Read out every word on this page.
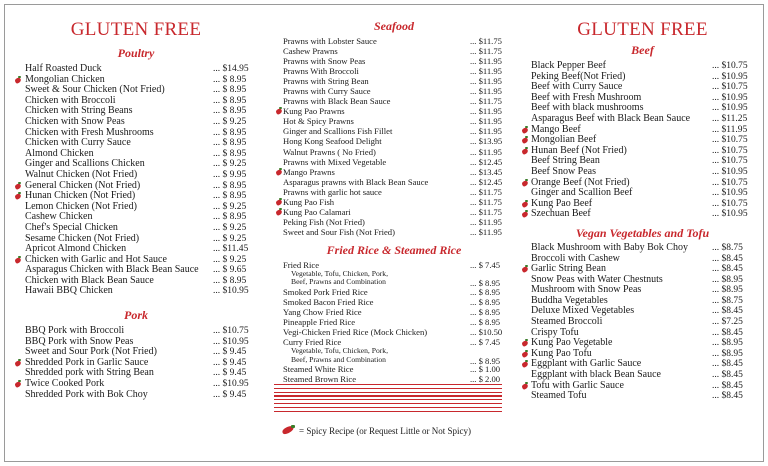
GLUTEN FREE
Poultry
Half Roasted Duck	... $14.95
Mongolian Chicken	... $ 8.95
Sweet & Sour Chicken (Not Fried)	... $ 8.95
Chicken with Broccoli	... $ 8.95
Chicken with String Beans	... $ 8.95
Chicken with Snow Peas	... $ 9.25
Chicken with Fresh Mushrooms	... $ 8.95
Chicken with Curry Sauce	... $ 8.95
Almond Chicken	... $ 8.95
Ginger and Scallions Chicken	... $ 9.25
Walnut Chicken (Not Fried)	... $ 9.95
General Chicken (Not Fried)	... $ 8.95
Hunan Chicken (Not Fried)	... $ 8.95
Lemon Chicken (Not Fried)	... $ 9.25
Cashew Chicken	... $ 8.95
Chef's Special Chicken	... $ 9.25
Sesame Chicken (Not Fried)	... $ 9.25
Apricot Almond Chicken	... $11.45
Chicken with Garlic and Hot Sauce	... $ 9.25
Asparagus Chicken with Black Bean Sauce ... $ 9.65
Chicken with Black Bean Sauce	... $ 8.95
Hawaii BBQ Chicken	... $10.95
Pork
BBQ Pork with Broccoli	... $10.75
BBQ Pork with Snow Peas	... $10.95
Sweet and Sour Pork (Not Fried)	... $ 9.45
Shredded Pork in Garlic Sauce	... $ 9.45
Shredded pork with String Bean	... $ 9.45
Twice Cooked Pork	... $10.95
Shredded Pork with Bok Choy	... $ 9.45
Seafood
Prawns with Lobster Sauce	... $11.75
Cashew Prawns	... $11.75
Prawns with Snow Peas	... $11.95
Prawns With Broccoli	... $11.95
Prawns with String Bean	... $11.95
Prawns with Curry Sauce	... $11.95
Prawns with Black Bean Sauce	... $11.75
Kung Pao Prawns	... $11.95
Hot & Spicy Prawns	... $11.95
Ginger and Scallions Fish Fillet	... $11.95
Hong Kong Seafood Delight	... $13.95
Walnut Prawns ( No Fried)	... $11.95
Prawns with Mixed Vegetable	... $12.45
Mango Prawns	... $13.45
Asparagus prawns with Black Bean Sauce	... $12.45
Prawns with garlic hot sauce	... $11.75
Kung Pao Fish	... $11.75
Kung Pao Calamari	... $11.75
Peking Fish (Not Fried)	... $11.95
Sweet and Sour Fish (Not Fried)	... $11.95
Fried Rice & Steamed Rice
Fried Rice	... $ 7.45
Vegetable, Tofu, Chicken, Pork,
Beef, Prawns and Combination	... $ 8.95
Smoked Pork Fried Rice	... $ 8.95
Smoked Bacon Fried Rice	... $ 8.95
Yang Chow Fried Rice	... $ 8.95
Pineapple Fried Rice	... $ 8.95
Vegi-Chicken Fried Rice (Mock Chicken)	... $10.50
Curry Fried Rice	... $ 7.45
Vegetable, Tofu, Chicken, Pork,
Beef, Prawns and Combination	... $ 8.95
Steamed White Rice	... $ 1.00
Steamed Brown Rice	... $ 2.00
GLUTEN FREE
Beef
Black Pepper Beef	... $10.75
Peking Beef(Not Fried)	... $10.95
Beef with Curry Sauce	... $10.75
Beef with Fresh Mushroom	... $10.95
Beef with black mushrooms	... $10.95
Asparagus Beef with Black Bean Sauce ... $11.25
Mango Beef	... $11.95
Mongolian Beef	... $10.75
Hunan Beef (Not Fried)	... $10.75
Beef String Bean	... $10.75
Beef Snow Peas	... $10.95
Orange Beef (Not Fried)	... $10.75
Ginger and Scallion Beef	... $10.95
Kung Pao Beef	... $10.75
Szechuan Beef	... $10.95
Vegan Vegetables and Tofu
Black Mushroom with Baby Bok Choy	... $8.75
Broccoli with Cashew	... $8.45
Garlic String Bean	... $8.45
Snow Peas with Water Chestnuts	... $8.95
Mushroom with Snow Peas	... $8.95
Buddha Vegetables	... $8.75
Deluxe Mixed Vegetables	... $8.45
Steamed Broccoli	... $7.25
Crispy Tofu	... $8.45
Kung Pao Vegetable	... $8.95
Kung Pao Tofu	... $8.95
Eggplant with Garlic Sauce	... $8.45
Eggplant with black Bean Sauce	... $8.45
Tofu with Garlic Sauce	... $8.45
Steamed Tofu	... $8.45
= Spicy Recipe (or Request Little or Not Spicy)
